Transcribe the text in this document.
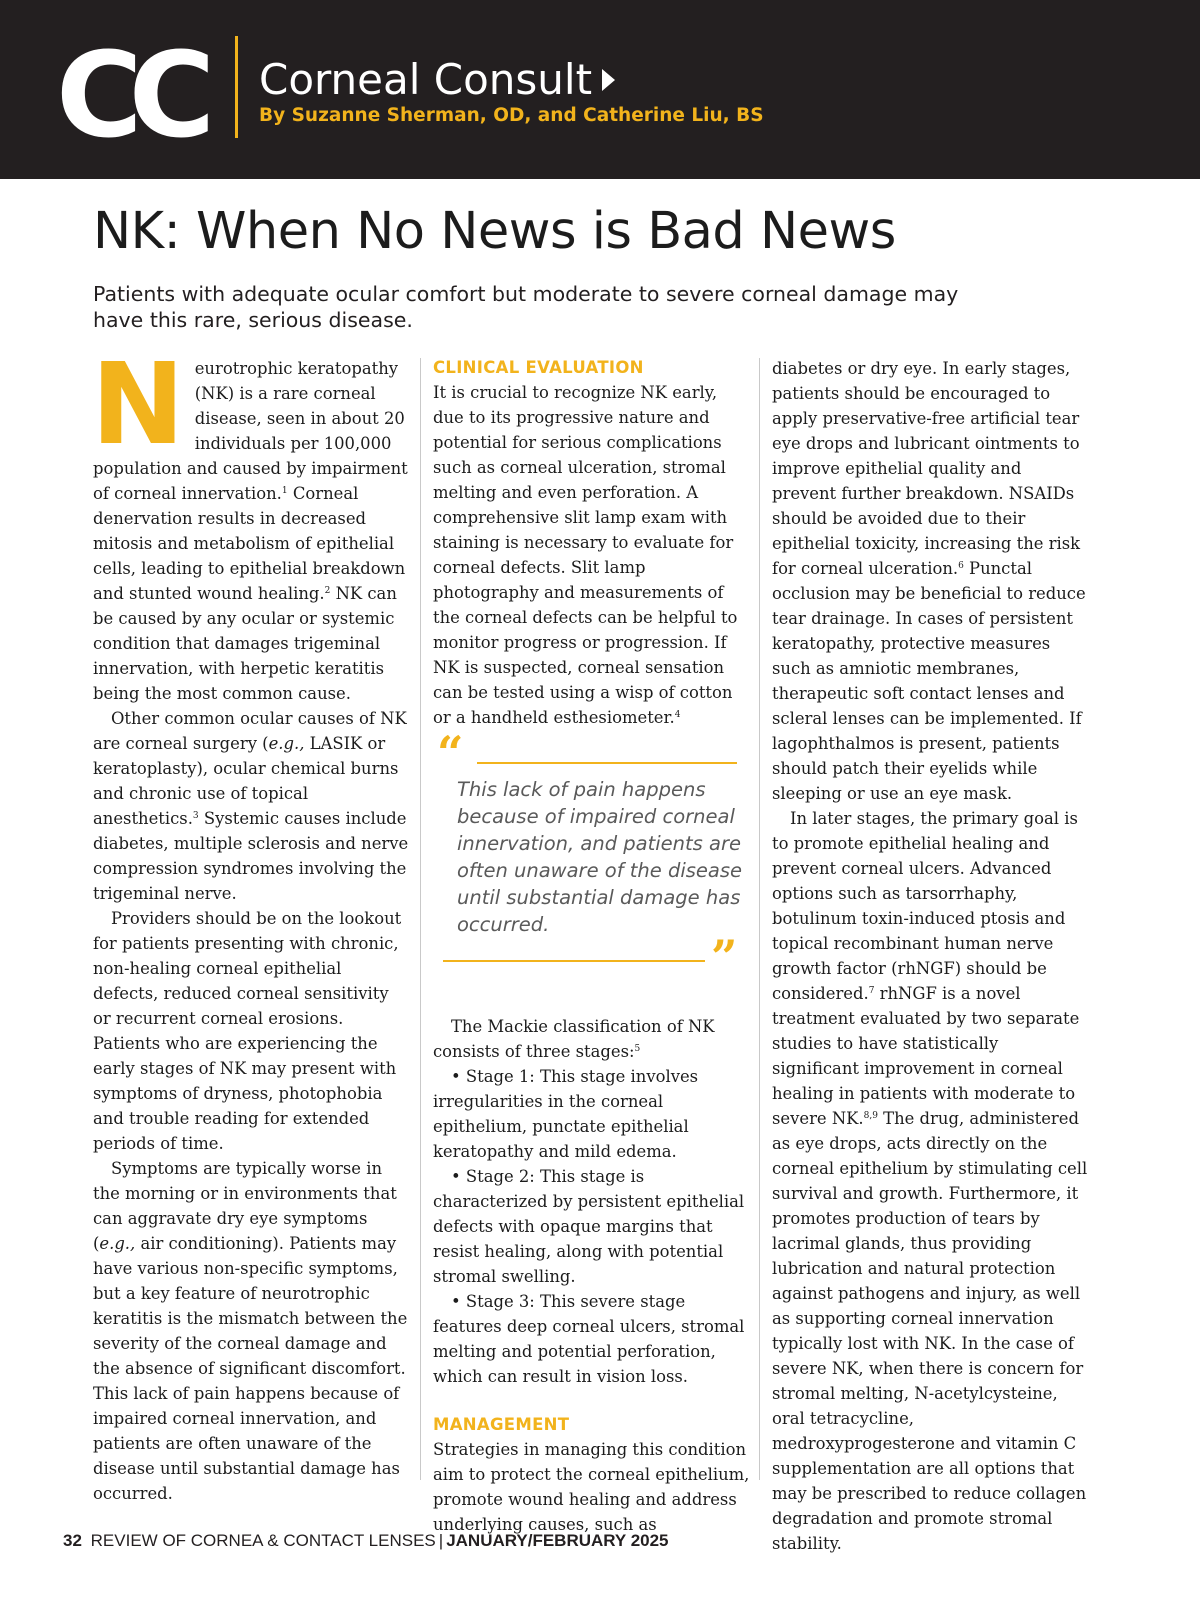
CC Corneal Consult
By Suzanne Sherman, OD, and Catherine Liu, BS
NK: When No News is Bad News

Patients with adequate ocular comfort but moderate to severe corneal damage may have this rare, serious disease.

Neurotrophic keratopathy (NK) is a rare corneal disease, seen in about 20 individuals per 100,000 population and caused by impairment of corneal innervation.$^1$ Corneal denervation results in decreased mitosis and metabolism of epithelial cells, leading to epithelial breakdown and stunted wound healing.$^2$ NK can be caused by any ocular or systemic condition that damages trigeminal innervation, with herpetic keratitis being the most common cause.

Other common ocular causes of NK are corneal surgery (e.g., LASIK or keratoplasty), ocular chemical burns and chronic use of topical anesthetics.$^3$ Systemic causes include diabetes, multiple sclerosis and nerve compression syndromes involving the trigeminal nerve.

Providers should be on the lookout for patients presenting with chronic, non-healing corneal epithelial defects, reduced corneal sensitivity or recurrent corneal erosions. Patients who are experiencing the early stages of NK may present with symptoms of dryness, photophobia and trouble reading for extended periods of time.

Symptoms are typically worse in the morning or in environments that can aggravate dry eye symptoms (e.g., air conditioning). Patients may have various non-specific symptoms, but a key feature of neurotrophic keratitis is the mismatch between the severity of the corneal damage and the absence of significant discomfort. This lack of pain happens because of impaired corneal innervation, and patients are often unaware of the disease until substantial damage has occurred.

CLINICAL EVALUATION

It is crucial to recognize NK early, due to its progressive nature and potential for serious complications such as corneal ulceration, stromal melting and even perforation. A comprehensive slit lamp exam with staining is necessary to evaluate for corneal defects. Slit lamp photography and measurements of the corneal defects can be helpful to monitor progress or progression. If NK is suspected, corneal sensation can be tested using a wisp of cotton or a handheld esthesiometer.$^4$

“
This lack of pain happens because of impaired corneal innervation, and patients are often unaware of the disease until substantial damage has occurred.
”

The Mackie classification of NK consists of three stages:$^5$

• Stage 1: This stage involves irregularities in the corneal epithelium, punctate epithelial keratopathy and mild edema.

• Stage 2: This stage is characterized by persistent epithelial defects with opaque margins that resist healing, along with potential stromal swelling.

• Stage 3: This severe stage features deep corneal ulcers, stromal melting and potential perforation, which can result in vision loss.

MANAGEMENT

Strategies in managing this condition aim to protect the corneal epithelium, promote wound healing and address underlying causes, such as

diabetes or dry eye. In early stages, patients should be encouraged to apply preservative-free artificial tear eye drops and lubricant ointments to improve epithelial quality and prevent further breakdown. NSAIDs should be avoided due to their epithelial toxicity, increasing the risk for corneal ulceration.$^6$ Punctal occlusion may be beneficial to reduce tear drainage. In cases of persistent keratopathy, protective measures such as amniotic membranes, therapeutic soft contact lenses and scleral lenses can be implemented. If lagophthalmos is present, patients should patch their eyelids while sleeping or use an eye mask.

In later stages, the primary goal is to promote epithelial healing and prevent corneal ulcers. Advanced options such as tarsorrhaphy, botulinum toxin-induced ptosis and topical recombinant human nerve growth factor (rhNGF) should be considered.$^7$ rhNGF is a novel treatment evaluated by two separate studies to have statistically significant improvement in corneal healing in patients with moderate to severe NK.$^{8,9}$ The drug, administered as eye drops, acts directly on the corneal epithelium by stimulating cell survival and growth. Furthermore, it promotes production of tears by lacrimal glands, thus providing lubrication and natural protection against pathogens and injury, as well as supporting corneal innervation typically lost with NK. In the case of severe NK, when there is concern for stromal melting, N-acetylcysteine, oral tetracycline, medroxyprogesterone and vitamin C supplementation are all options that may be prescribed to reduce collagen degradation and promote stromal stability.

32 REVIEW OF CORNEA & CONTACT LENSES | JANUARY/FEBRUARY 2025
